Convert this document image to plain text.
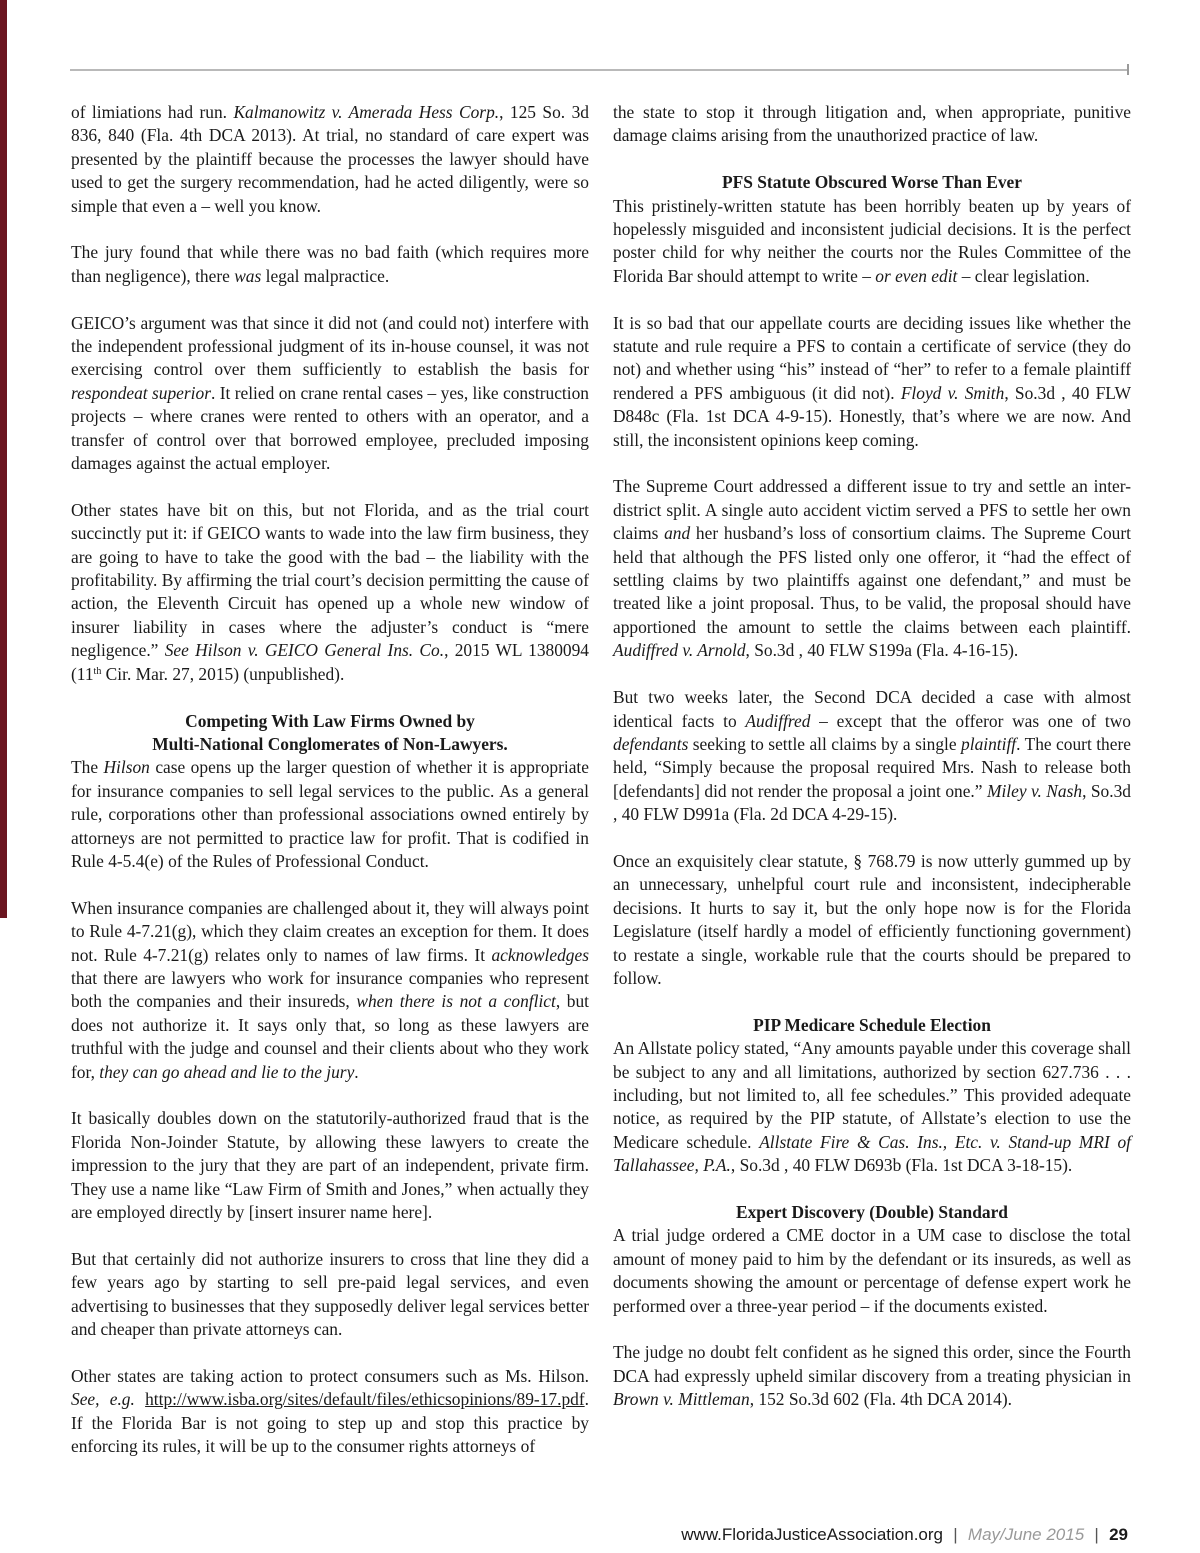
of limiations had run. Kalmanowitz v. Amerada Hess Corp., 125 So. 3d 836, 840 (Fla. 4th DCA 2013). At trial, no standard of care expert was presented by the plaintiff because the processes the lawyer should have used to get the surgery recommendation, had he acted diligently, were so simple that even a – well you know.

The jury found that while there was no bad faith (which requires more than negligence), there was legal malpractice.

GEICO’s argument was that since it did not (and could not) interfere with the independent professional judgment of its in-house counsel, it was not exercising control over them sufficiently to establish the basis for respondeat superior. It relied on crane rental cases – yes, like construction projects – where cranes were rented to others with an operator, and a transfer of control over that borrowed employee, precluded imposing damages against the actual employer.

Other states have bit on this, but not Florida, and as the trial court succinctly put it: if GEICO wants to wade into the law firm business, they are going to have to take the good with the bad – the liability with the profitability. By affirming the trial court’s decision permitting the cause of action, the Eleventh Circuit has opened up a whole new window of insurer liability in cases where the adjuster’s conduct is “mere negligence.” See Hilson v. GEICO General Ins. Co., 2015 WL 1380094 (11th Cir. Mar. 27, 2015) (unpublished).

Competing With Law Firms Owned by
Multi-National Conglomerates of Non-Lawyers.

The Hilson case opens up the larger question of whether it is appropriate for insurance companies to sell legal services to the public. As a general rule, corporations other than professional associations owned entirely by attorneys are not permitted to practice law for profit. That is codified in Rule 4-5.4(e) of the Rules of Professional Conduct.

When insurance companies are challenged about it, they will always point to Rule 4-7.21(g), which they claim creates an exception for them. It does not. Rule 4-7.21(g) relates only to names of law firms. It acknowledges that there are lawyers who work for insurance companies who represent both the companies and their insureds, when there is not a conflict, but does not authorize it. It says only that, so long as these lawyers are truthful with the judge and counsel and their clients about who they work for, they can go ahead and lie to the jury.

It basically doubles down on the statutorily-authorized fraud that is the Florida Non-Joinder Statute, by allowing these lawyers to create the impression to the jury that they are part of an independent, private firm. They use a name like “Law Firm of Smith and Jones,” when actually they are employed directly by [insert insurer name here].

But that certainly did not authorize insurers to cross that line they did a few years ago by starting to sell pre-paid legal services, and even advertising to businesses that they supposedly deliver legal services better and cheaper than private attorneys can.

Other states are taking action to protect consumers such as Ms. Hilson. See, e.g. http://www.isba.org/sites/default/files/ethicsopinions/89-17.pdf. If the Florida Bar is not going to step up and stop this practice by enforcing its rules, it will be up to the consumer rights attorneys of

the state to stop it through litigation and, when appropriate, punitive damage claims arising from the unauthorized practice of law.

PFS Statute Obscured Worse Than Ever

This pristinely-written statute has been horribly beaten up by years of hopelessly misguided and inconsistent judicial decisions. It is the perfect poster child for why neither the courts nor the Rules Committee of the Florida Bar should attempt to write – or even edit – clear legislation.

It is so bad that our appellate courts are deciding issues like whether the statute and rule require a PFS to contain a certificate of service (they do not) and whether using “his” instead of “her” to refer to a female plaintiff rendered a PFS ambiguous (it did not). Floyd v. Smith, So.3d , 40 FLW D848c (Fla. 1st DCA 4-9-15). Honestly, that’s where we are now. And still, the inconsistent opinions keep coming.

The Supreme Court addressed a different issue to try and settle an inter-district split. A single auto accident victim served a PFS to settle her own claims and her husband’s loss of consortium claims. The Supreme Court held that although the PFS listed only one offeror, it “had the effect of settling claims by two plaintiffs against one defendant,” and must be treated like a joint proposal. Thus, to be valid, the proposal should have apportioned the amount to settle the claims between each plaintiff. Audiffred v. Arnold, So.3d , 40 FLW S199a (Fla. 4-16-15).

But two weeks later, the Second DCA decided a case with almost identical facts to Audiffred – except that the offeror was one of two defendants seeking to settle all claims by a single plaintiff. The court there held, “Simply because the proposal required Mrs. Nash to release both [defendants] did not render the proposal a joint one.” Miley v. Nash, So.3d , 40 FLW D991a (Fla. 2d DCA 4-29-15).

Once an exquisitely clear statute, § 768.79 is now utterly gummed up by an unnecessary, unhelpful court rule and inconsistent, indecipherable decisions. It hurts to say it, but the only hope now is for the Florida Legislature (itself hardly a model of efficiently functioning government) to restate a single, workable rule that the courts should be prepared to follow.

PIP Medicare Schedule Election

An Allstate policy stated, “Any amounts payable under this coverage shall be subject to any and all limitations, authorized by section 627.736 . . . including, but not limited to, all fee schedules.” This provided adequate notice, as required by the PIP statute, of Allstate’s election to use the Medicare schedule. Allstate Fire & Cas. Ins., Etc. v. Stand-up MRI of Tallahassee, P.A., So.3d , 40 FLW D693b (Fla. 1st DCA 3-18-15).

Expert Discovery (Double) Standard

A trial judge ordered a CME doctor in a UM case to disclose the total amount of money paid to him by the defendant or its insureds, as well as documents showing the amount or percentage of defense expert work he performed over a three-year period – if the documents existed.

The judge no doubt felt confident as he signed this order, since the Fourth DCA had expressly upheld similar discovery from a treating physician in Brown v. Mittleman, 152 So.3d 602 (Fla. 4th DCA 2014).

www.FloridaJusticeAssociation.org | May/June 2015 | 29
